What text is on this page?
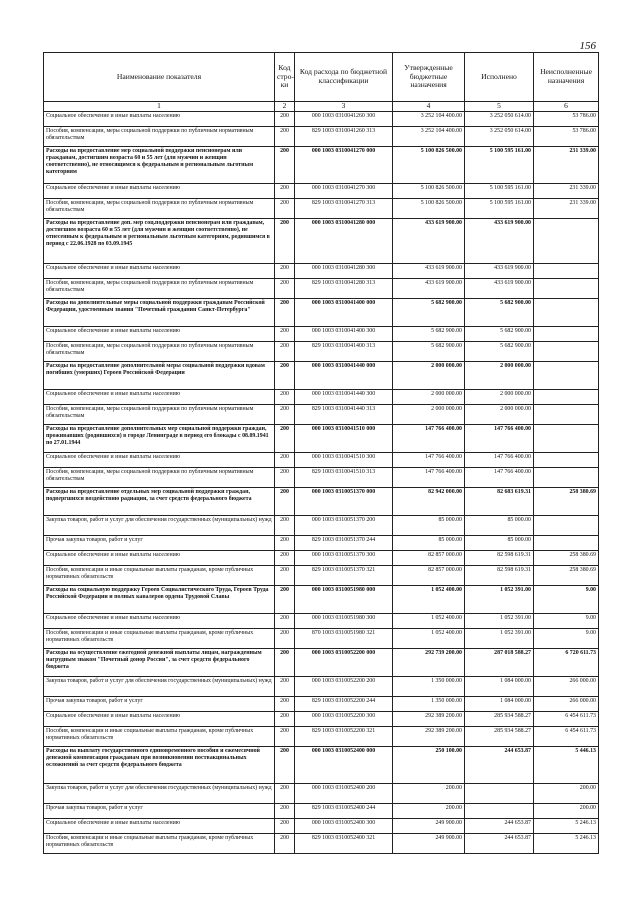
156
Наименование показателя	Код стро-ки	Код расхода по бюджетной классификации	Утвержденные бюджетные назначения	Исполнено	Неисполненные назначения
1	2	3	4	5	6
Социальное обеспечение и иные выплаты населению	200	000 1003 0310041260 300	3 252 104 400.00	3 252 050 614.00	53 786.00
Пособия, компенсации, меры социальной поддержки по публичным нормативным обязательствам	200	829 1003 0310041260 313	3 252 104 400.00	3 252 050 614.00	53 786.00
Расходы на предоставление мер социальной поддержки пенсионерам или гражданам, достигшим возраста 60 и 55 лет (для мужчин и женщин соответственно), не относящимся к федеральным и региональным льготным категориям	200	000 1003 0310041270 000	5 100 826 500.00	5 100 595 161.00	231 339.00
Социальное обеспечение и иные выплаты населению	200	000 1003 0310041270 300	5 100 826 500.00	5 100 595 161.00	231 339.00
Пособия, компенсации, меры социальной поддержки по публичным нормативным обязательствам	200	829 1003 0310041270 313	5 100 826 500.00	5 100 595 161.00	231 339.00
Расходы на предоставление доп. мер соц.поддержки пенсионерам или гражданам, достигшим возраста 60 и 55 лет (для мужчин и женщин соответственно), не отнесенным к федеральным и региональным льготным категориям, родившимся в период с 22.06.1928 по 03.09.1945	200	000 1003 0310041280 000	433 619 900.00	433 619 900.00	
Социальное обеспечение и иные выплаты населению	200	000 1003 0310041280 300	433 619 900.00	433 619 900.00	
Пособия, компенсации, меры социальной поддержки по публичным нормативным обязательствам	200	829 1003 0310041280 313	433 619 900.00	433 619 900.00	
Расходы на дополнительные меры социальной поддержки гражданам Российской Федерации, удостоенным звания "Почетный гражданин Санкт-Петербурга"	200	000 1003 0310041400 000	5 682 900.00	5 682 900.00	
Социальное обеспечение и иные выплаты населению	200	000 1003 0310041400 300	5 682 900.00	5 682 900.00	
Пособия, компенсации, меры социальной поддержки по публичным нормативным обязательствам	200	829 1003 0310041400 313	5 682 900.00	5 682 900.00	
Расходы на предоставление дополнительной меры социальной поддержки вдовам погибших (умерших) Героев Российской Федерации	200	000 1003 0310041440 000	2 000 000.00	2 000 000.00	
Социальное обеспечение и иные выплаты населению	200	000 1003 0310041440 300	2 000 000.00	2 000 000.00	
Пособия, компенсации, меры социальной поддержки по публичным нормативным обязательствам	200	829 1003 0310041440 313	2 000 000.00	2 000 000.00	
Расходы на предоставление дополнительных мер социальной поддержки граждан, проживавших (родившихся) в городе Ленинграде в период его блокады с 08.09.1941 по 27.01.1944	200	000 1003 0310041510 000	147 766 400.00	147 766 400.00	
Социальное обеспечение и иные выплаты населению	200	000 1003 0310041510 300	147 766 400.00	147 766 400.00	
Пособия, компенсации, меры социальной поддержки по публичным нормативным обязательствам	200	829 1003 0310041510 313	147 766 400.00	147 766 400.00	
Расходы на предоставление отдельных мер социальной поддержки граждан, подвергшихся воздействию радиации, за счет средств федерального бюджета	200	000 1003 0310051370 000	82 942 000.00	82 683 619.31	258 380.69
Закупка товаров, работ и услуг для обеспечения государственных (муниципальных) нужд	200	000 1003 0310051370 200	85 000.00	85 000.00	
Прочая закупка товаров, работ и услуг	200	829 1003 0310051370 244	85 000.00	85 000.00	
Социальное обеспечение и иные выплаты населению	200	000 1003 0310051370 300	82 857 000.00	82 598 619.31	258 380.69
Пособия, компенсации и иные социальные выплаты гражданам, кроме публичных нормативных обязательств	200	829 1003 0310051370 321	82 857 000.00	82 598 619.31	258 380.69
Расходы на социальную поддержку Героев Социалистического Труда, Героев Труда Российской Федерации и полных кавалеров ордена Трудовой Славы	200	000 1003 0310051980 000	1 052 400.00	1 052 391.00	9.00
Социальное обеспечение и иные выплаты населению	200	000 1003 0310051980 300	1 052 400.00	1 052 391.00	9.00
Пособия, компенсации и иные социальные выплаты гражданам, кроме публичных нормативных обязательств	200	870 1003 0310051980 321	1 052 400.00	1 052 391.00	9.00
Расходы на осуществление ежегодной денежной выплаты лицам, награжденным нагрудным знаком "Почетный донор России", за счет средств федерального бюджета	200	000 1003 0310052200 000	292 739 200.00	287 018 588.27	6 720 611.73
Закупка товаров, работ и услуг для обеспечения государственных (муниципальных) нужд	200	000 1003 0310052200 200	1 350 000.00	1 084 000.00	266 000.00
Прочая закупка товаров, работ и услуг	200	829 1003 0310052200 244	1 350 000.00	1 084 000.00	266 000.00
Социальное обеспечение и иные выплаты населению	200	000 1003 0310052200 300	292 389 200.00	285 934 588.27	6 454 611.73
Пособия, компенсации и иные социальные выплаты гражданам, кроме публичных нормативных обязательств	200	829 1003 0310052200 321	292 389 200.00	285 934 588.27	6 454 611.73
Расходы на выплату государственного единовременного пособия и ежемесячной денежной компенсации гражданам при возникновении поствакцинальных осложнений за счет средств федерального бюджета	200	000 1003 0310052400 000	250 100.00	244 653.87	5 446.13
Закупка товаров, работ и услуг для обеспечения государственных (муниципальных) нужд	200	000 1003 0310052400 200	200.00		200.00
Прочая закупка товаров, работ и услуг	200	829 1003 0310052400 244	200.00		200.00
Социальное обеспечение и иные выплаты населению	200	000 1003 0310052400 300	249 900.00	244 653.87	5 246.13
Пособия, компенсации и иные социальные выплаты гражданам, кроме публичных нормативных обязательств	200	829 1003 0310052400 321	249 900.00	244 653.87	5 246.13
